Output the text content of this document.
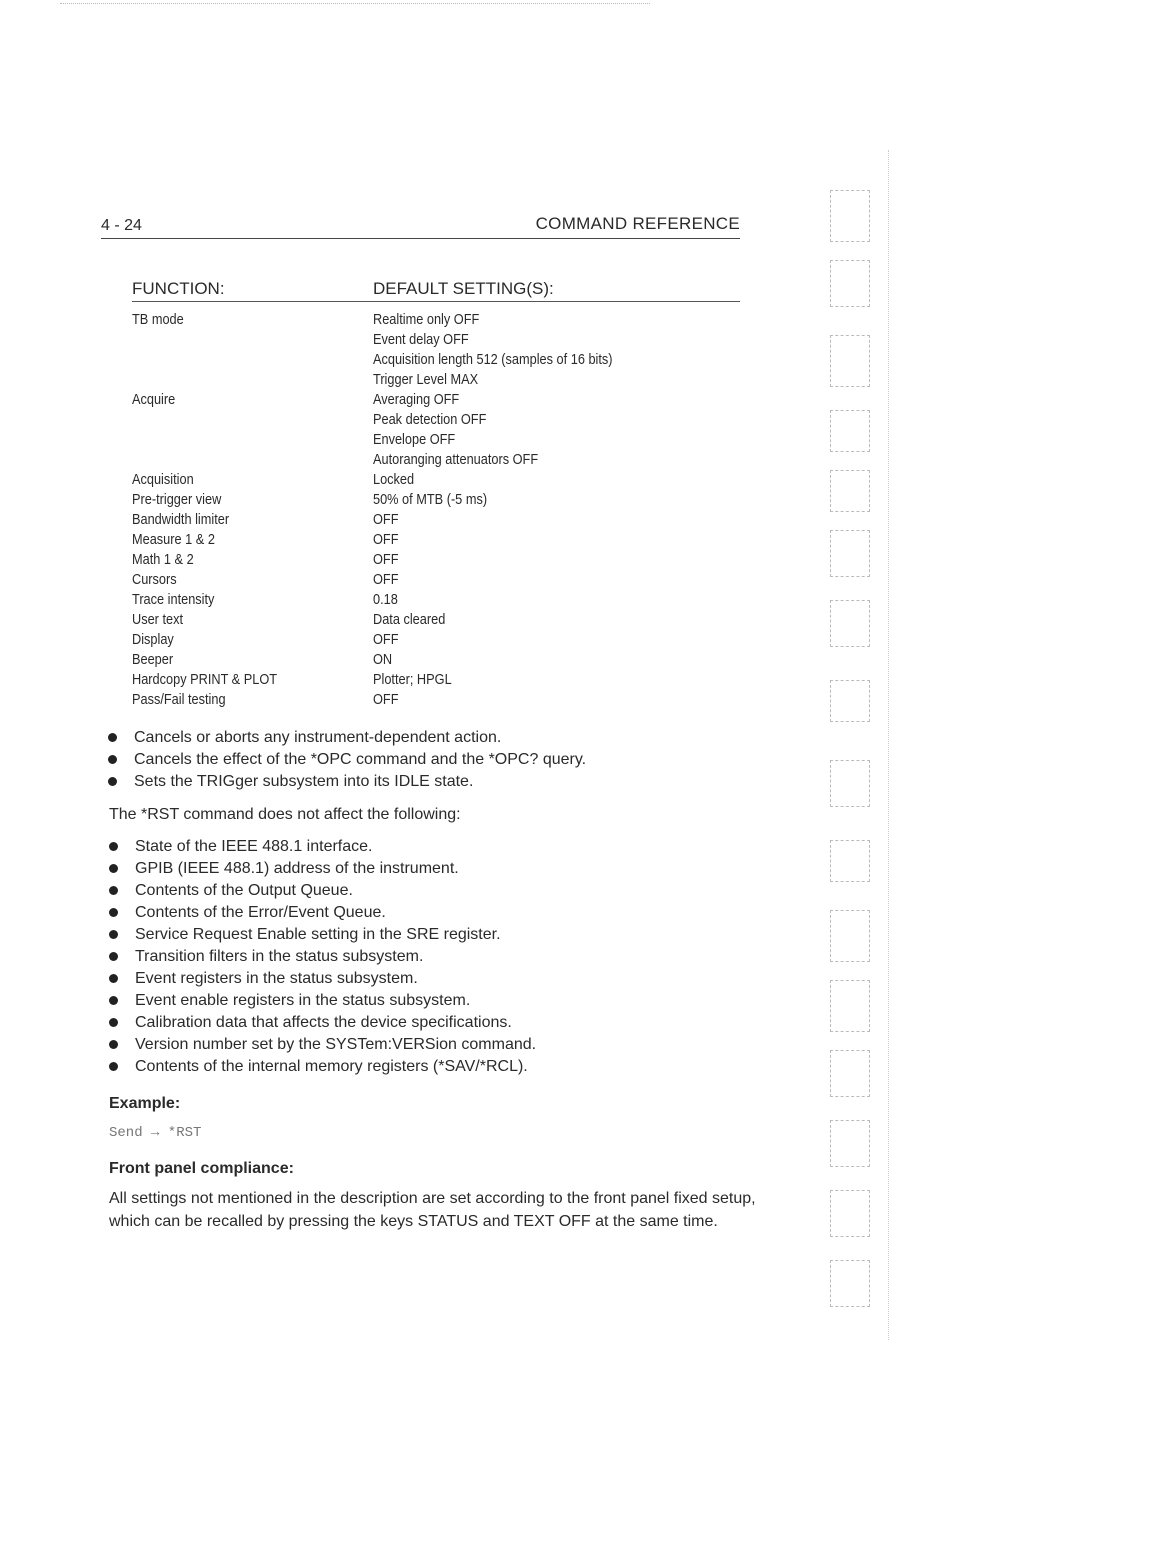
4 - 24	COMMAND REFERENCE
FUNCTION:	DEFAULT SETTING(S):
TB mode	Realtime only OFF
Event delay OFF
Acquisition length 512 (samples of 16 bits)
Trigger Level MAX
Acquire	Averaging OFF
Peak detection OFF
Envelope OFF
Autoranging attenuators OFF
Acquisition	Locked
Pre-trigger view	50% of MTB (-5 ms)
Bandwidth limiter	OFF
Measure 1 & 2	OFF
Math 1 & 2	OFF
Cursors	OFF
Trace intensity	0.18
User text	Data cleared
Display	OFF
Beeper	ON
Hardcopy PRINT & PLOT	Plotter; HPGL
Pass/Fail testing	OFF
Cancels or aborts any instrument-dependent action.
Cancels the effect of the *OPC command and the *OPC? query.
Sets the TRIGger subsystem into its IDLE state.
The *RST command does not affect the following:
State of the IEEE 488.1 interface.
GPIB (IEEE 488.1) address of the instrument.
Contents of the Output Queue.
Contents of the Error/Event Queue.
Service Request Enable setting in the SRE register.
Transition filters in the status subsystem.
Event registers in the status subsystem.
Event enable registers in the status subsystem.
Calibration data that affects the device specifications.
Version number set by the SYSTem:VERSion command.
Contents of the internal memory registers (*SAV/*RCL).
Example:
Send → *RST
Front panel compliance:
All settings not mentioned in the description are set according to the front panel fixed setup, which can be recalled by pressing the keys STATUS and TEXT OFF at the same time.
